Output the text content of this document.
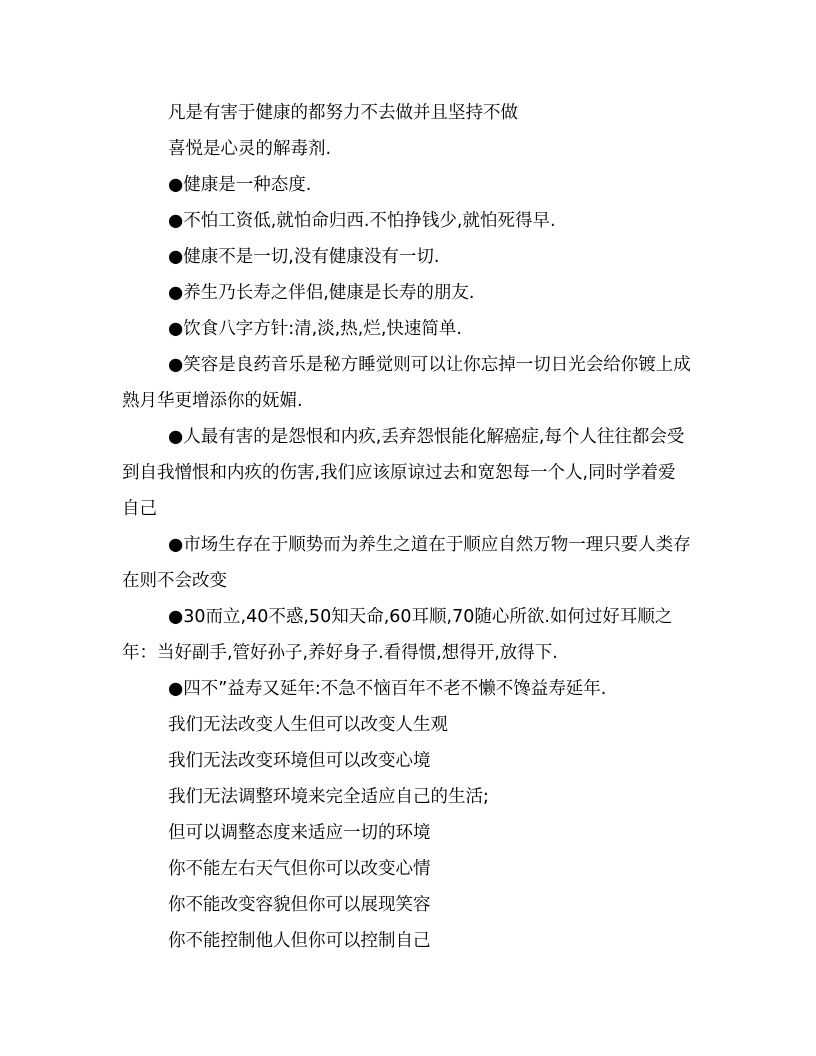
凡是有害于健康的都努力不去做并且坚持不做

喜悦是心灵的解毒剂.

●健康是一种态度.

●不怕工资低,就怕命归西.不怕挣钱少,就怕死得早.

●健康不是一切,没有健康没有一切.

●养生乃长寿之伴侣,健康是长寿的朋友.

●饮食八字方针:清,淡,热,烂,快速简单.

●笑容是良药音乐是秘方睡觉则可以让你忘掉一切日光会给你镀上成熟月华更增添你的妩媚.

●人最有害的是怨恨和内疚,丢弃怨恨能化解癌症,每个人往往都会受到自我憎恨和内疚的伤害,我们应该原谅过去和宽恕每一个人,同时学着爱自己

●市场生存在于顺势而为养生之道在于顺应自然万物一理只要人类存在则不会改变

●30而立,40不惑,50知天命,60耳顺,70随心所欲.如何过好耳顺之年：当好副手,管好孙子,养好身子.看得惯,想得开,放得下.

●四不”益寿又延年:不急不恼百年不老不懒不馋益寿延年.

我们无法改变人生但可以改变人生观

我们无法改变环境但可以改变心境

我们无法调整环境来完全适应自己的生活;

但可以调整态度来适应一切的环境

你不能左右天气但你可以改变心情

你不能改变容貌但你可以展现笑容

你不能控制他人但你可以控制自己
